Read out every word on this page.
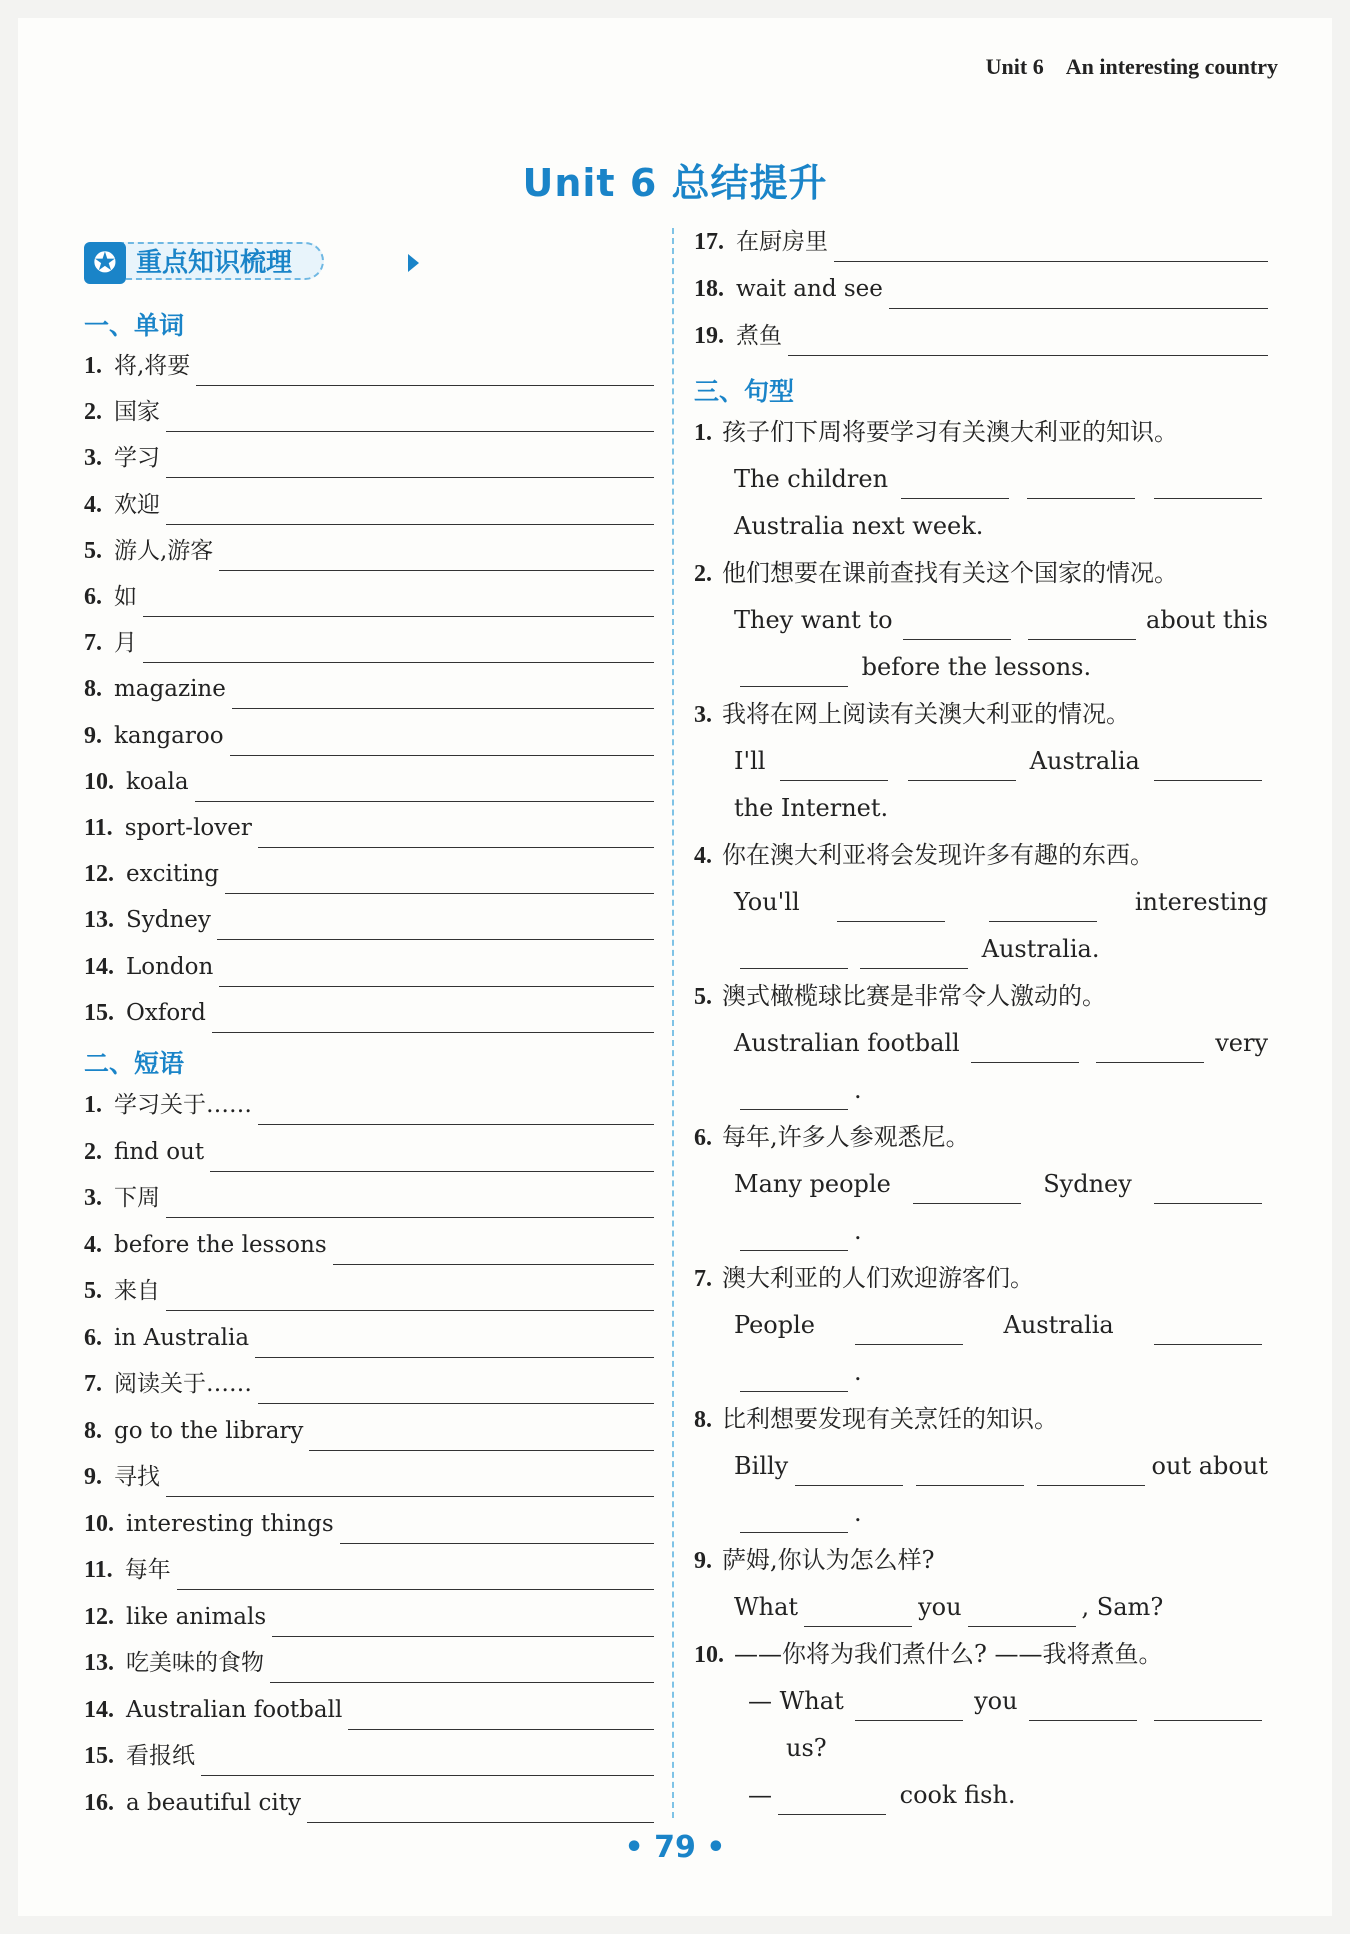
Unit 6 An interesting country
Unit 6 总结提升
重点知识梳理
✪
一、单词
1. 将,将要
2. 国家
3. 学习
4. 欢迎
5. 游人,游客
6. 如
7. 月
8. magazine
9. kangaroo
10. koala
11. sport-lover
12. exciting
13. Sydney
14. London
15. Oxford
二、短语
1. 学习关于……
2. find out
3. 下周
4. before the lessons
5. 来自
6. in Australia
7. 阅读关于……
8. go to the library
9. 寻找
10. interesting things
11. 每年
12. like animals
13. 吃美味的食物
14. Australian football
15. 看报纸
16. a beautiful city
17. 在厨房里
18. wait and see
19. 煮鱼
三、句型
1. 孩子们下周将要学习有关澳大利亚的知识。
The children
Australia next week.
2. 他们想要在课前查找有关这个国家的情况。
They want to	about this
before the lessons.
3. 我将在网上阅读有关澳大利亚的情况。
I'll	Australia
the Internet.
4. 你在澳大利亚将会发现许多有趣的东西。
You'll	interesting
Australia.
5. 澳式橄榄球比赛是非常令人激动的。
Australian football	very
.
6. 每年,许多人参观悉尼。
Many people	Sydney
.
7. 澳大利亚的人们欢迎游客们。
People	Australia
.
8. 比利想要发现有关烹饪的知识。
Billy	out about
.
9. 萨姆,你认为怎么样?
What	you	, Sam?
10. ——你将为我们煮什么? ——我将煮鱼。
— What	you
us?
—	cook fish.
• 79 •
